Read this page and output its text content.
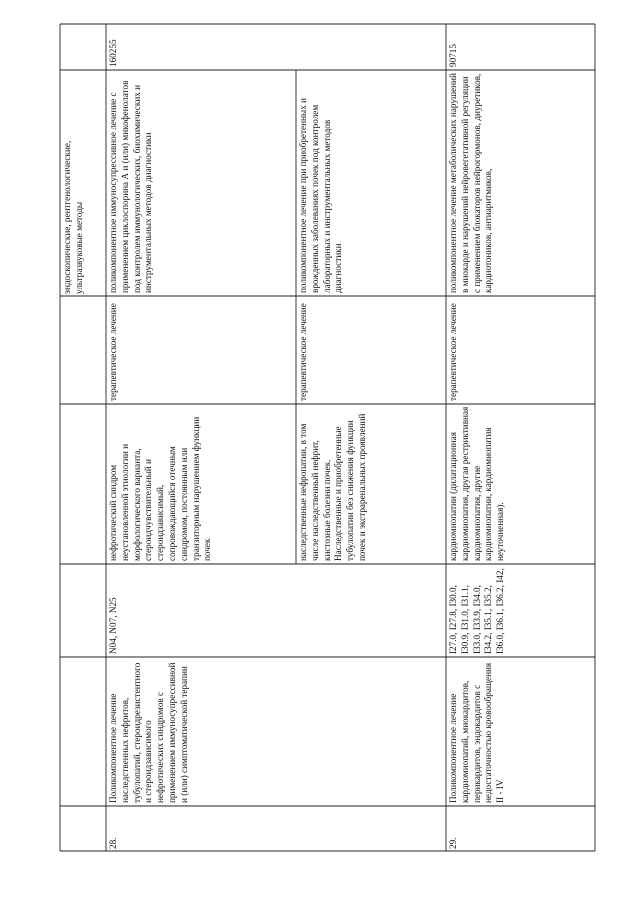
эндоскопические, рентгенологические, ультразвуковые методы
28.
Поликомпонентное лечение наследственных нефритов, тубулопатий, стероидрезистентного и стероидзависимого нефротических синдромов с применением иммуносупрессивной и (или) симптоматической терапии
N04, N07, N25
нефротический синдром неустановленной этиологии и морфологического варианта, стероидчувствительный и стероидзависимый, сопровождающийся отечным синдромом, постоянным или транзиторным нарушением функции почек
терапевтическое лечение
поликомпонентное иммуносупрессивное лечение с применением циклоспорина А и (или) микофенолатов под контролем иммунологических, биохимических и инструментальных методов диагностики
наследственные нефропатии, в том числе наследственный нефрит, кистозные болезни почек. Наследственные и приобретенные тубулопатии без снижения функции почек и экстраренальных проявлений
терапевтическое лечение
поликомпонентное лечение при приобретенных и врожденных заболеваниях почек под контролем лабораторных и инструментальных методов диагностики
160255
29.
Поликомпонентное лечение кардиомиопатий, миокардитов, перикардитов, эндокардитов с недостаточностью кровообращения II - IV
I27.0, I27.8, I30.0, I30.9, I31.0, I31.1, I33.0, I33.9, I34.0, I34.2, I35.1, I35.2, I36.0, I36.1, I36.2, I42,
кардиомиопатии (дилатационная кардиомиопатия, другая рестриктивная кардиомиопатия, другие кардиомиопатии, кардиомиопатия неуточненная).
терапевтическое лечение
поликомпонентное лечение метаболических нарушений в миокарде и нарушений нейровегетативной регуляции с применением блокаторов нейрогормонов, диуретиков, кардиотоников, антиаритмиков,
90715
